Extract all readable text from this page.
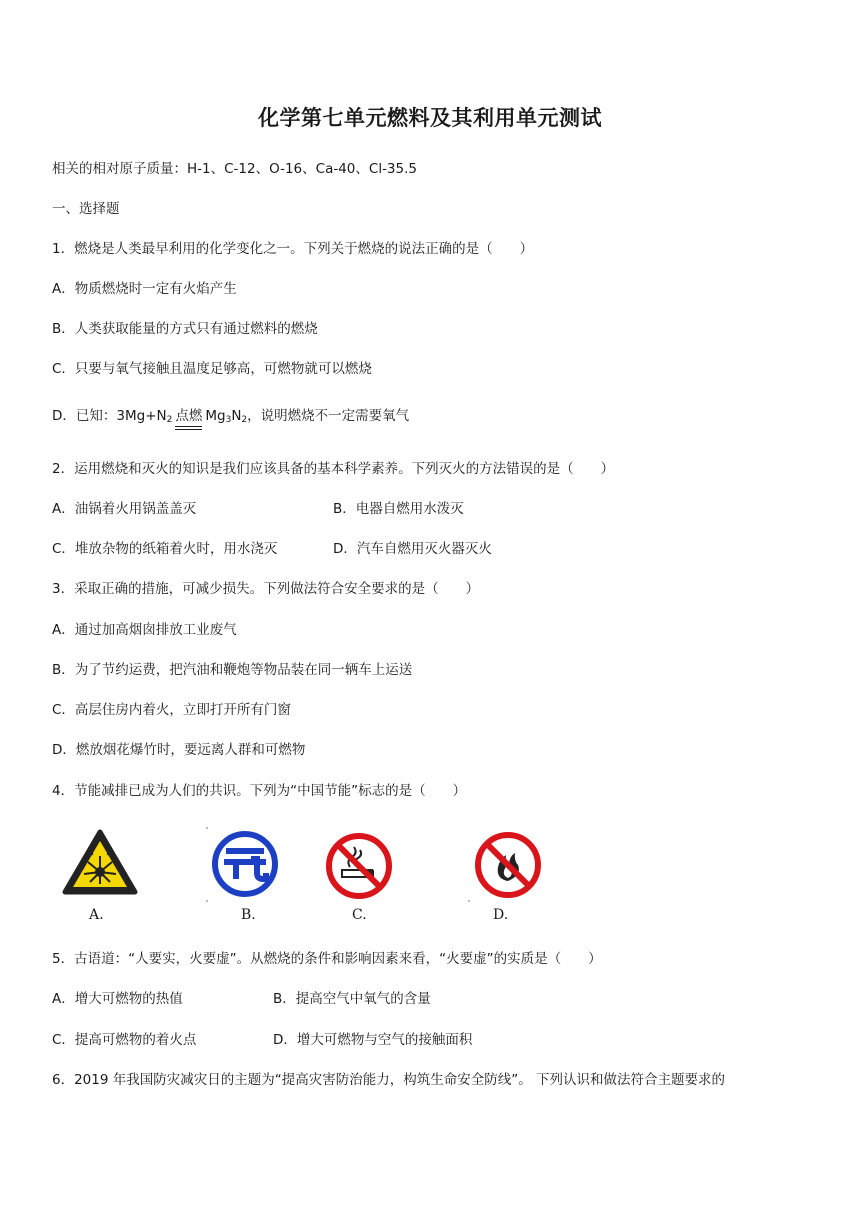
化学第七单元燃料及其利用单元测试
相关的相对原子质量：H-1、C-12、O-16、Ca-40、Cl-35.5
一、选择题
1．燃烧是人类最早利用的化学变化之一。下列关于燃烧的说法正确的是（　　）
A．物质燃烧时一定有火焰产生
B．人类获取能量的方式只有通过燃料的燃烧
C．只要与氧气接触且温度足够高，可燃物就可以燃烧
D．已知：$3Mg+N_2$ 点燃 $Mg_3N_2$，说明燃烧不一定需要氧气
2．运用燃烧和灭火的知识是我们应该具备的基本科学素养。下列灭火的方法错误的是（　　）
A．油锅着火用锅盖盖灭	B．电器自燃用水泼灭
C．堆放杂物的纸箱着火时，用水浇灭	D．汽车自燃用灭火器灭火
3．采取正确的措施，可减少损失。下列做法符合安全要求的是（　　）
A．通过加高烟囱排放工业废气
B．为了节约运费，把汽油和鞭炮等物品装在同一辆车上运送
C．高层住房内着火，立即打开所有门窗
D．燃放烟花爆竹时，要远离人群和可燃物
4．节能减排已成为人们的共识。下列为“中国节能”标志的是（　　）
A.	B.	C.	D.
5．古语道：“人要实，火要虚”。从燃烧的条件和影响因素来看，“火要虚”的实质是（　　）
A．增大可燃物的热值	B．提高空气中氧气的含量
C．提高可燃物的着火点	D．增大可燃物与空气的接触面积
6．2019 年我国防灾减灾日的主题为“提高灾害防治能力，构筑生命安全防线”。 下列认识和做法符合主题要求的
